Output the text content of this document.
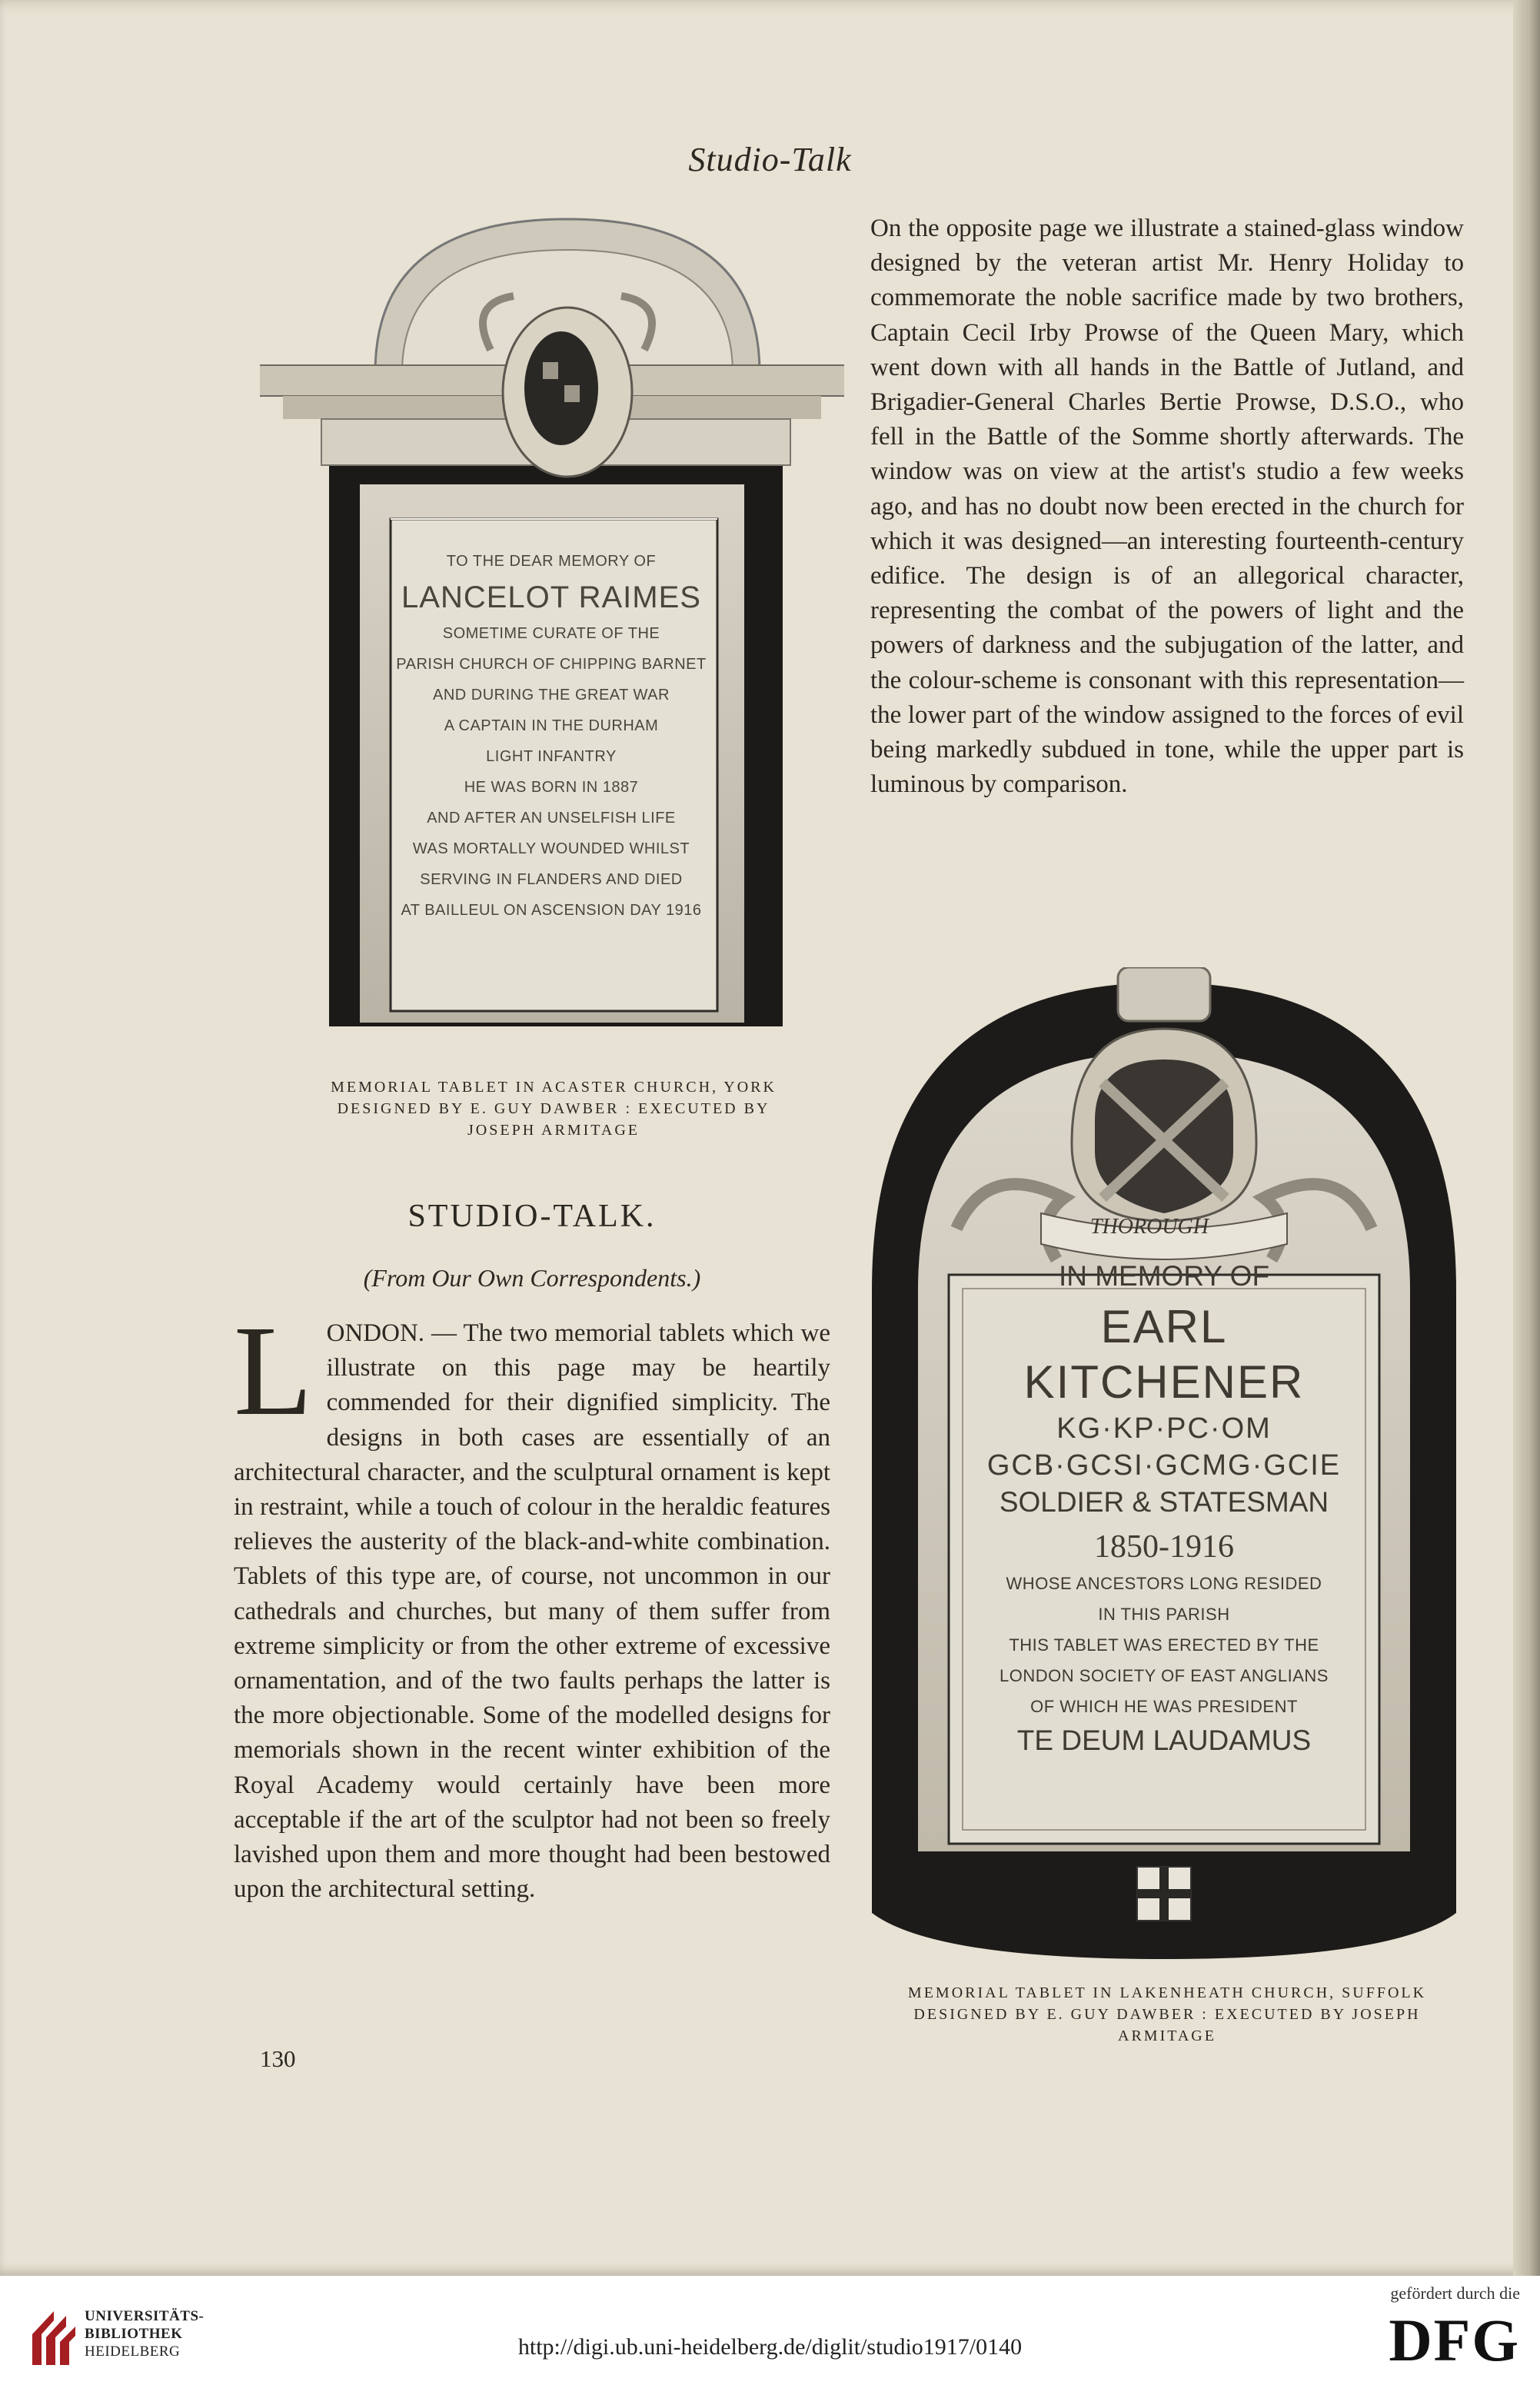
Studio-Talk
TO THE DEAR MEMORY OF
LANCELOT RAIMES
SOMETIME CURATE OF THE
PARISH CHURCH OF CHIPPING BARNET
AND DURING THE GREAT WAR
A CAPTAIN IN THE DURHAM
LIGHT INFANTRY
HE WAS BORN IN 1887
AND AFTER AN UNSELFISH LIFE
WAS MORTALLY WOUNDED WHILST
SERVING IN FLANDERS AND DIED
AT BAILLEUL ON ASCENSION DAY 1916
MEMORIAL TABLET IN ACASTER CHURCH, YORK
DESIGNED BY E. GUY DAWBER : EXECUTED BY
JOSEPH ARMITAGE
On the opposite page we illustrate a stained-glass window designed by the veteran artist Mr. Henry Holiday to commemorate the noble sacrifice made by two brothers, Captain Cecil Irby Prowse of the Queen Mary, which went down with all hands in the Battle of Jutland, and Brigadier-General Charles Bertie Prowse, D.S.O., who fell in the Battle of the Somme shortly afterwards. The window was on view at the artist's studio a few weeks ago, and has no doubt now been erected in the church for which it was designed—an interesting fourteenth-century edifice. The design is of an allegorical character, representing the combat of the powers of light and the powers of darkness and the subjugation of the latter, and the colour-scheme is consonant with this representation—the lower part of the window assigned to the forces of evil being markedly subdued in tone, while the upper part is luminous by comparison.
STUDIO-TALK.
(From Our Own Correspondents.)
L ONDON. — The two memorial tablets which we illustrate on this page may be heartily commended for their dignified simplicity. The designs in both cases are essentially of an architectural character, and the sculptural ornament is kept in restraint, while a touch of colour in the heraldic features relieves the austerity of the black-and-white combination. Tablets of this type are, of course, not uncommon in our cathedrals and churches, but many of them suffer from extreme simplicity or from the other extreme of excessive ornamentation, and of the two faults perhaps the latter is the more objectionable. Some of the modelled designs for memorials shown in the recent winter exhibition of the Royal Academy would certainly have been more acceptable if the art of the sculptor had not been so freely lavished upon them and more thought had been bestowed upon the architectural setting.
130
THOROUGH
IN MEMORY OF
EARL KITCHENER
KG·KP·PC·OM
GCB·GCSI·GCMG·GCIE
SOLDIER & STATESMAN
1850-1916
WHOSE ANCESTORS LONG RESIDED
IN THIS PARISH
THIS TABLET WAS ERECTED BY THE
LONDON SOCIETY OF EAST ANGLIANS
OF WHICH HE WAS PRESIDENT
TE DEUM LAUDAMUS
MEMORIAL TABLET IN LAKENHEATH CHURCH, SUFFOLK
DESIGNED BY E. GUY DAWBER : EXECUTED BY JOSEPH
ARMITAGE
UNIVERSITÄTS-
BIBLIOTHEK
HEIDELBERG	http://digi.ub.uni-heidelberg.de/diglit/studio1917/0140
gefördert durch die
DFG
